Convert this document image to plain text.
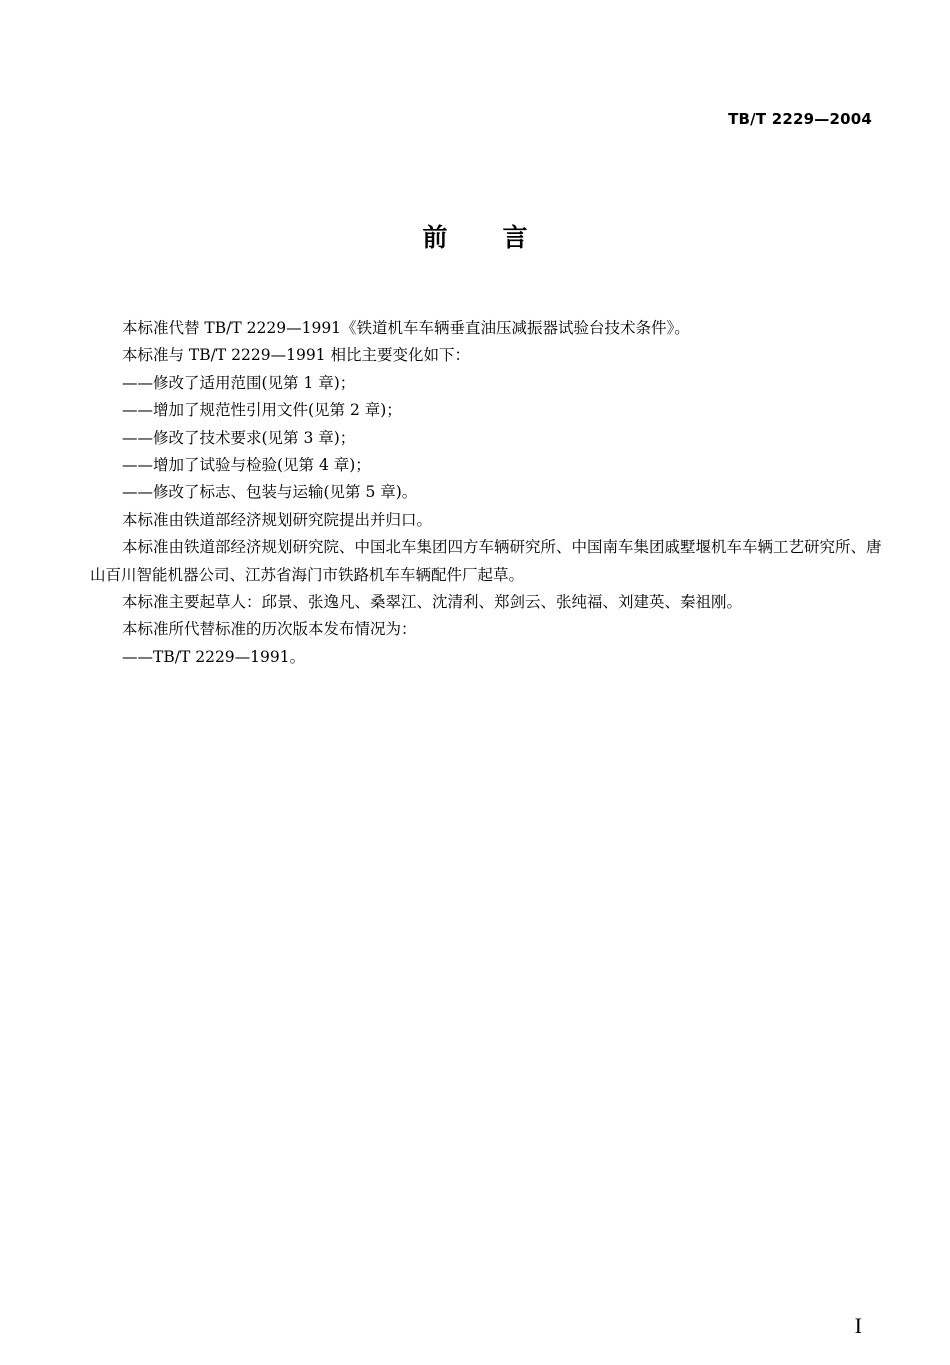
TB/T 2229—2004
前言

本标准代替 TB/T 2229—1991《铁道机车车辆垂直油压减振器试验台技术条件》。

本标准与 TB/T 2229—1991 相比主要变化如下：

——修改了适用范围(见第 1 章)；

——增加了规范性引用文件(见第 2 章)；

——修改了技术要求(见第 3 章)；

——增加了试验与检验(见第 4 章)；

——修改了标志、包装与运输(见第 5 章)。

本标准由铁道部经济规划研究院提出并归口。

本标准由铁道部经济规划研究院、中国北车集团四方车辆研究所、中国南车集团戚墅堰机车车辆工艺研究所、唐山百川智能机器公司、江苏省海门市铁路机车车辆配件厂起草。

本标准主要起草人：邱景、张逸凡、桑翠江、沈清利、郑剑云、张纯福、刘建英、秦祖刚。

本标准所代替标准的历次版本发布情况为：

——TB/T 2229—1991。

I
